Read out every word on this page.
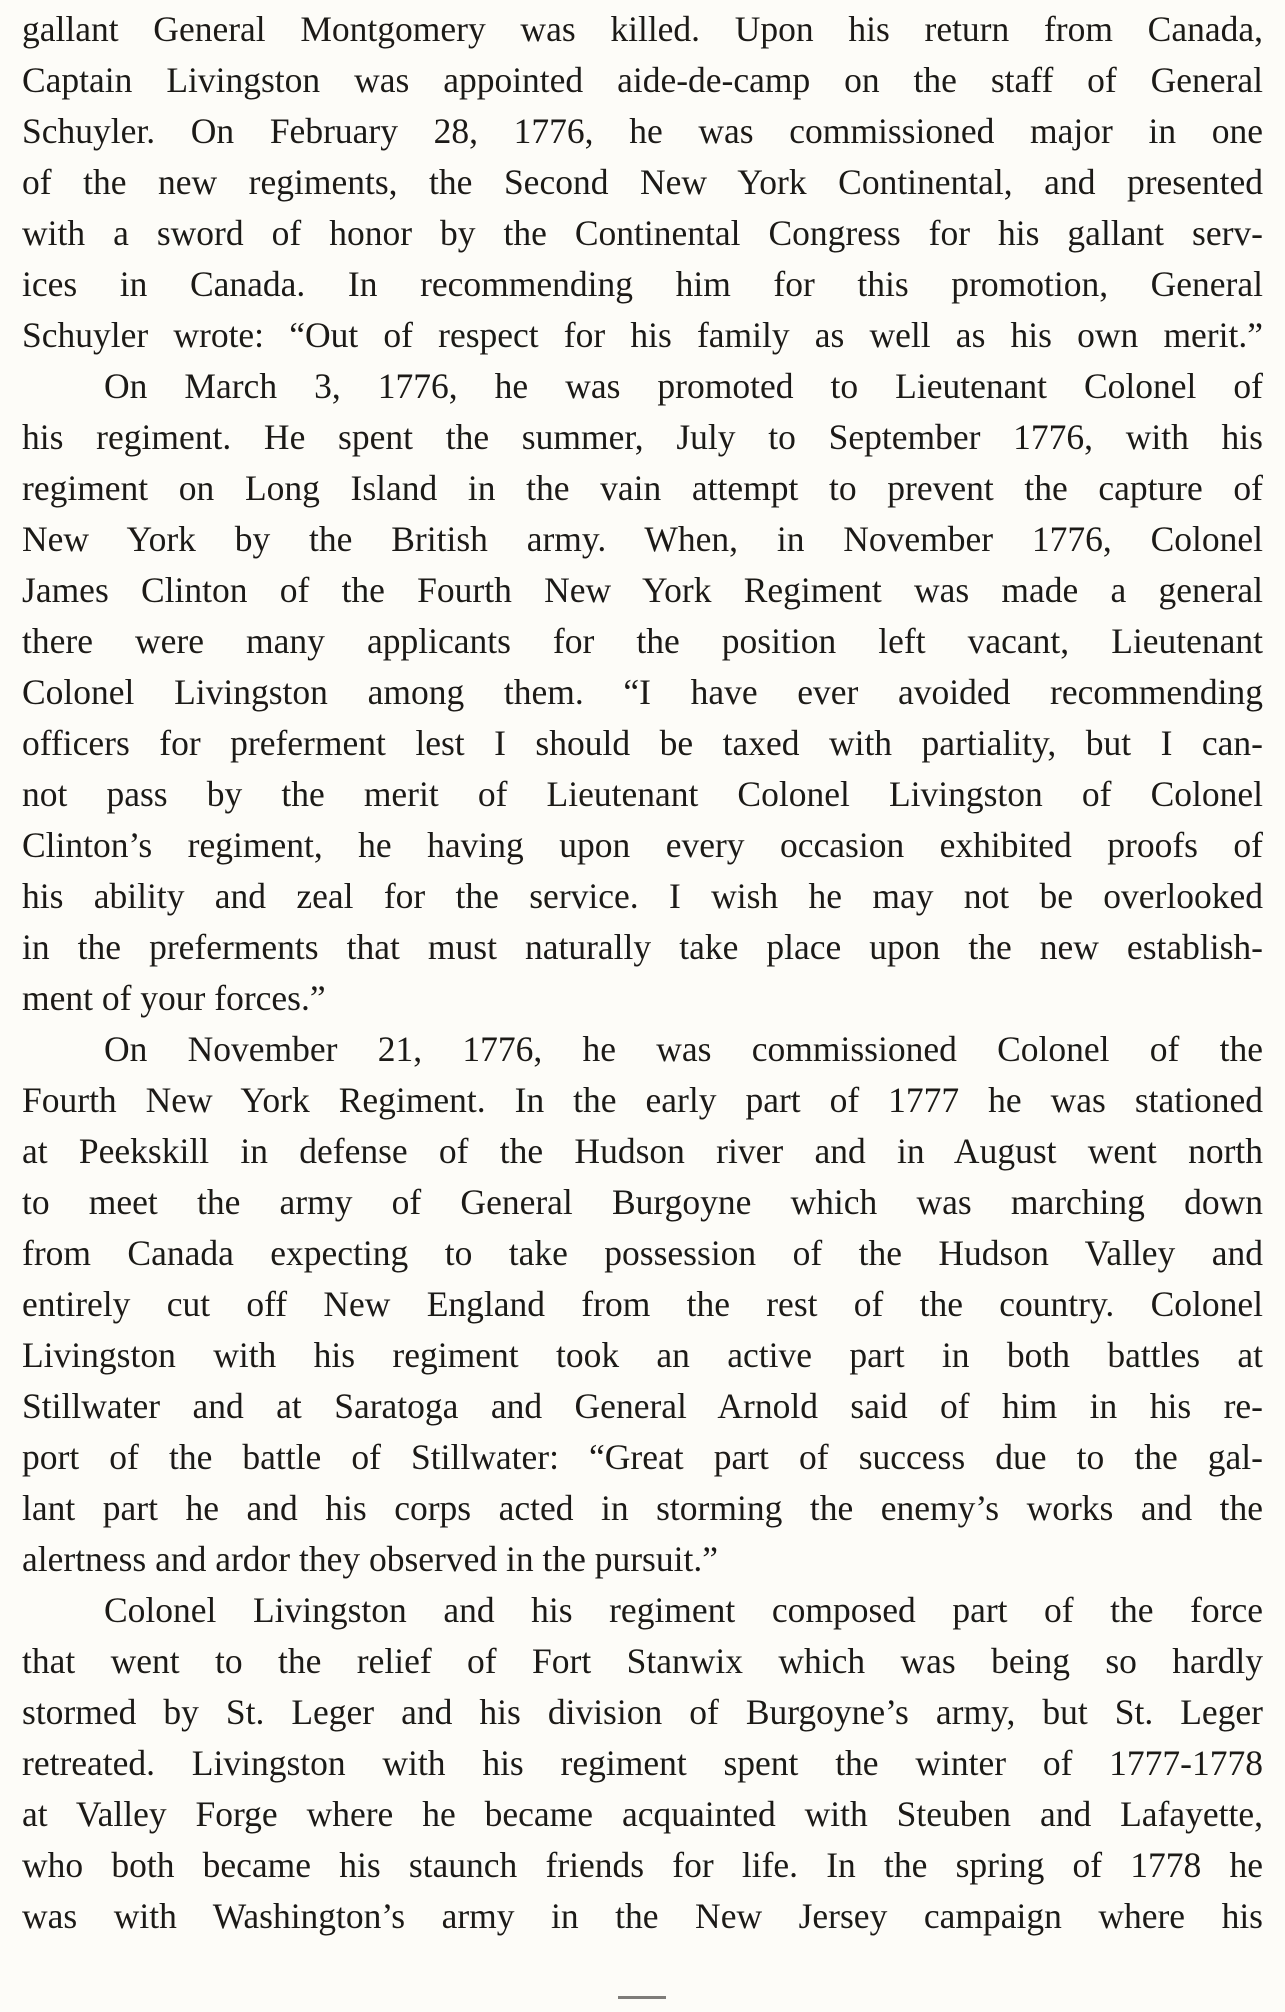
gallant General Montgomery was killed. Upon his return from Canada,
Captain Livingston was appointed aide-de-camp on the staff of General
Schuyler. On February 28, 1776, he was commissioned major in one
of the new regiments, the Second New York Continental, and presented
with a sword of honor by the Continental Congress for his gallant serv-
ices in Canada. In recommending him for this promotion, General
Schuyler wrote: “Out of respect for his family as well as his own merit.”

On March 3, 1776, he was promoted to Lieutenant Colonel of
his regiment. He spent the summer, July to September 1776, with his
regiment on Long Island in the vain attempt to prevent the capture of
New York by the British army. When, in November 1776, Colonel
James Clinton of the Fourth New York Regiment was made a general
there were many applicants for the position left vacant, Lieutenant
Colonel Livingston among them. “I have ever avoided recommending
officers for preferment lest I should be taxed with partiality, but I can-
not pass by the merit of Lieutenant Colonel Livingston of Colonel
Clinton’s regiment, he having upon every occasion exhibited proofs of
his ability and zeal for the service. I wish he may not be overlooked
in the preferments that must naturally take place upon the new establish-
ment of your forces.”

On November 21, 1776, he was commissioned Colonel of the
Fourth New York Regiment. In the early part of 1777 he was stationed
at Peekskill in defense of the Hudson river and in August went north
to meet the army of General Burgoyne which was marching down
from Canada expecting to take possession of the Hudson Valley and
entirely cut off New England from the rest of the country. Colonel
Livingston with his regiment took an active part in both battles at
Stillwater and at Saratoga and General Arnold said of him in his re-
port of the battle of Stillwater: “Great part of success due to the gal-
lant part he and his corps acted in storming the enemy’s works and the
alertness and ardor they observed in the pursuit.”

Colonel Livingston and his regiment composed part of the force
that went to the relief of Fort Stanwix which was being so hardly
stormed by St. Leger and his division of Burgoyne’s army, but St. Leger
retreated. Livingston with his regiment spent the winter of 1777-1778
at Valley Forge where he became acquainted with Steuben and Lafayette,
who both became his staunch friends for life. In the spring of 1778 he
was with Washington’s army in the New Jersey campaign where his
